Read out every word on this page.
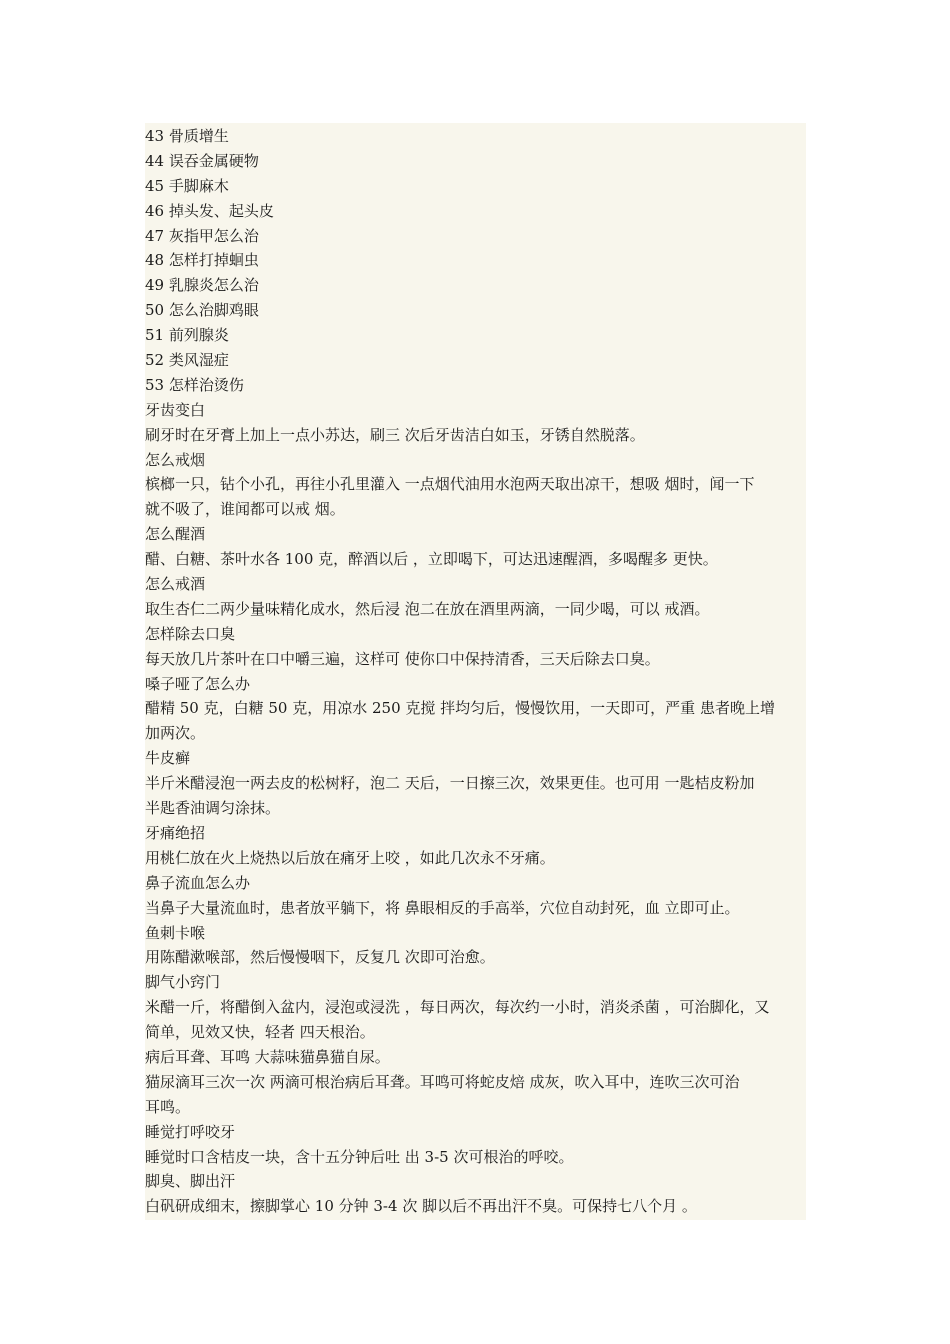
43 骨质增生
44 误吞金属硬物
45 手脚麻木
46 掉头发、起头皮
47 灰指甲怎么治
48 怎样打掉蛔虫
49 乳腺炎怎么治
50 怎么治脚鸡眼
51 前列腺炎
52 类风湿症
53 怎样治烫伤
牙齿变白
刷牙时在牙膏上加上一点小苏达，刷三 次后牙齿洁白如玉，牙锈自然脱落。
怎么戒烟
槟榔一只，钻个小孔，再往小孔里灌入 一点烟代油用水泡两天取出凉干，想吸 烟时，闻一下
就不吸了，谁闻都可以戒 烟。
怎么醒酒
醋、白糖、茶叶水各 100 克，醉酒以后 ，立即喝下，可达迅速醒酒，多喝醒多 更快。
怎么戒酒
取生杏仁二两少量味精化成水，然后浸 泡二在放在酒里两滴，一同少喝，可以 戒酒。
怎样除去口臭
每天放几片茶叶在口中嚼三遍，这样可 使你口中保持清香，三天后除去口臭。
嗓子哑了怎么办
醋精 50 克，白糖 50 克，用凉水 250 克搅 拌均匀后，慢慢饮用，一天即可，严重 患者晚上增
加两次。
牛皮癣
半斤米醋浸泡一两去皮的松树籽，泡二 天后，一日擦三次，效果更佳。也可用 一匙桔皮粉加
半匙香油调匀涂抹。
牙痛绝招
用桃仁放在火上烧热以后放在痛牙上咬 ，如此几次永不牙痛。
鼻子流血怎么办
当鼻子大量流血时，患者放平躺下，将 鼻眼相反的手高举，穴位自动封死，血 立即可止。
鱼刺卡喉
用陈醋漱喉部，然后慢慢咽下，反复几 次即可治愈。
脚气小窍门
米醋一斤，将醋倒入盆内，浸泡或浸洗 ，每日两次，每次约一小时，消炎杀菌 ，可治脚化，又
简单，见效又快，轻者 四天根治。
病后耳聋、耳鸣 大蒜味猫鼻猫自尿。
猫尿滴耳三次一次 两滴可根治病后耳聋。耳鸣可将蛇皮焙 成灰，吹入耳中，连吹三次可治
耳鸣。
睡觉打呼咬牙
睡觉时口含桔皮一块，含十五分钟后吐 出 3-5 次可根治的呼咬。
脚臭、脚出汗
白矾研成细末，擦脚掌心 10 分钟 3-4 次 脚以后不再出汗不臭。可保持七八个月 。
